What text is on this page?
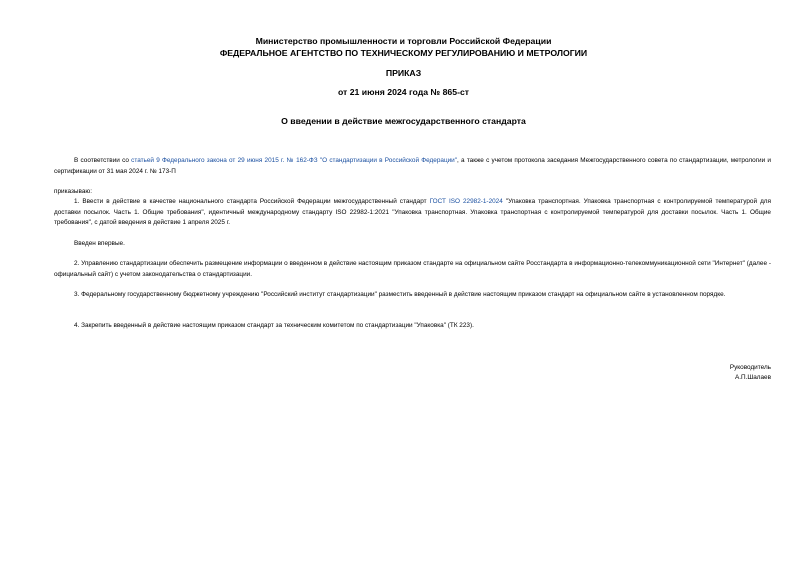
Министерство промышленности и торговли Российской Федерации
ФЕДЕРАЛЬНОЕ АГЕНТСТВО ПО ТЕХНИЧЕСКОМУ РЕГУЛИРОВАНИЮ И МЕТРОЛОГИИ
ПРИКАЗ
от 21 июня 2024 года № 865-ст
О введении в действие межгосударственного стандарта
В соответствии со статьей 9 Федерального закона от 29 июня 2015 г. № 162-ФЗ "О стандартизации в Российской Федерации", а также с учетом протокола заседания Межгосударственного совета по стандартизации, метрологии и сертификации от 31 мая 2024 г. № 173-П
приказываю:
1. Ввести в действие в качестве национального стандарта Российской Федерации межгосударственный стандарт ГОСТ ISO 22982-1-2024 "Упаковка транспортная. Упаковка транспортная с контролируемой температурой для доставки посылок. Часть 1. Общие требования", идентичный международному стандарту ISO 22982-1:2021 "Упаковка транспортная. Упаковка транспортная с контролируемой температурой для доставки посылок. Часть 1. Общие требования", с датой введения в действие 1 апреля 2025 г.
Введен впервые.
2. Управлению стандартизации обеспечить размещение информации о введенном в действие настоящим приказом стандарте на официальном сайте Росстандарта в информационно-телекоммуникационной сети "Интернет" (далее - официальный сайт) с учетом законодательства о стандартизации.
3. Федеральному государственному бюджетному учреждению "Российский институт стандартизации" разместить введенный в действие настоящим приказом стандарт на официальном сайте в установленном порядке.
4. Закрепить введенный в действие настоящим приказом стандарт за техническим комитетом по стандартизации "Упаковка" (ТК 223).
Руководитель
А.П.Шалаев
